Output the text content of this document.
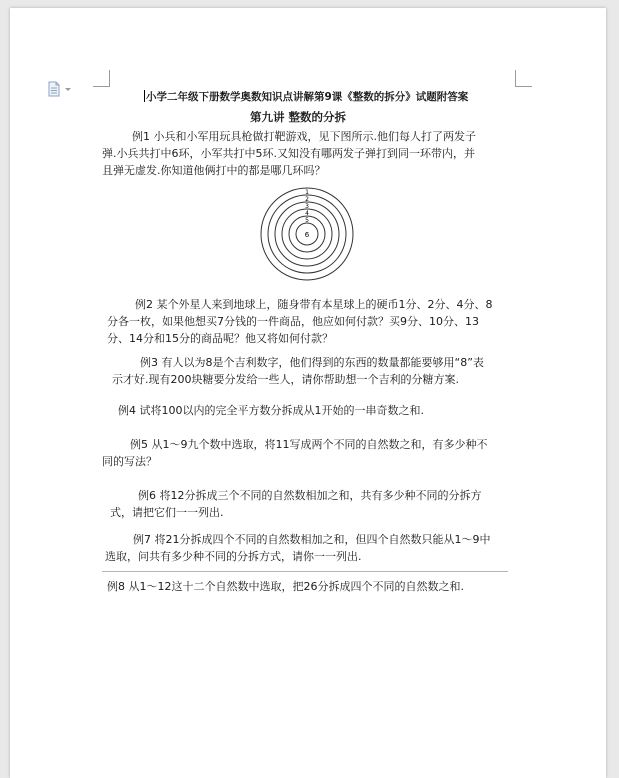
小学二年级下册数学奥数知识点讲解第9课《整数的拆分》试题附答案
第九讲 整数的分拆

例1 小兵和小军用玩具枪做打靶游戏，见下图所示.他们每人打了两发子
弹.小兵共打中6环，小军共打中5环.又知没有哪两发子弹打到同一环带内，并
且弹无虚发.你知道他俩打中的都是哪几环吗？

1
2
3
4
5
6

例2 某个外星人来到地球上，随身带有本星球上的硬币1分、2分、4分、8
分各一枚，如果他想买7分钱的一件商品，他应如何付款？买9分、10分、13
分、14分和15分的商品呢？他又将如何付款？

例3 有人以为8是个吉利数字，他们得到的东西的数量都能要够用“8”表
示才好.现有200块糖要分发给一些人，请你帮助想一个吉利的分糖方案.

例4 试将100以内的完全平方数分拆成从1开始的一串奇数之和.

例5 从1～9九个数中选取，将11写成两个不同的自然数之和，有多少种不
同的写法？

例6 将12分拆成三个不同的自然数相加之和，共有多少种不同的分拆方
式，请把它们一一列出.

例7 将21分拆成四个不同的自然数相加之和，但四个自然数只能从1～9中
选取，问共有多少种不同的分拆方式，请你一一列出.

例8 从1～12这十二个自然数中选取，把26分拆成四个不同的自然数之和.
